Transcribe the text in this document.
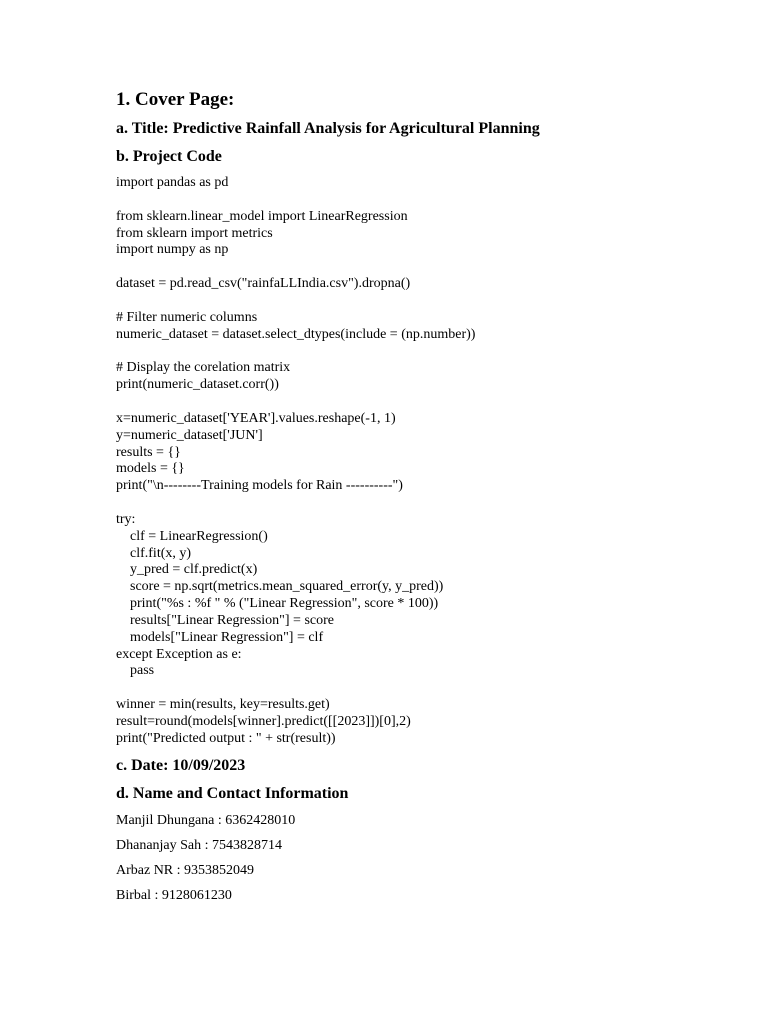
1. Cover Page:
a. Title: Predictive Rainfall Analysis for Agricultural Planning
b. Project Code
import pandas as pd
from sklearn.linear_model import LinearRegression
from sklearn import metrics
import numpy as np
dataset = pd.read_csv("rainfaLLIndia.csv").dropna()
# Filter numeric columns
numeric_dataset = dataset.select_dtypes(include = (np.number))
# Display the corelation matrix
print(numeric_dataset.corr())
x=numeric_dataset['YEAR'].values.reshape(-1, 1)
y=numeric_dataset['JUN']
results = {}
models = {}
print("\n--------Training models for Rain ----------")
try:
clf = LinearRegression()
clf.fit(x, y)
y_pred = clf.predict(x)
score = np.sqrt(metrics.mean_squared_error(y, y_pred))
print("%s : %f " % ("Linear Regression", score * 100))
results["Linear Regression"] = score
models["Linear Regression"] = clf
except Exception as e:
pass
winner = min(results, key=results.get)
result=round(models[winner].predict([[2023]])[0],2)
print("Predicted output : " + str(result))
c. Date: 10/09/2023
d. Name and Contact Information
Manjil Dhungana : 6362428010
Dhananjay Sah : 7543828714
Arbaz NR : 9353852049
Birbal : 9128061230
